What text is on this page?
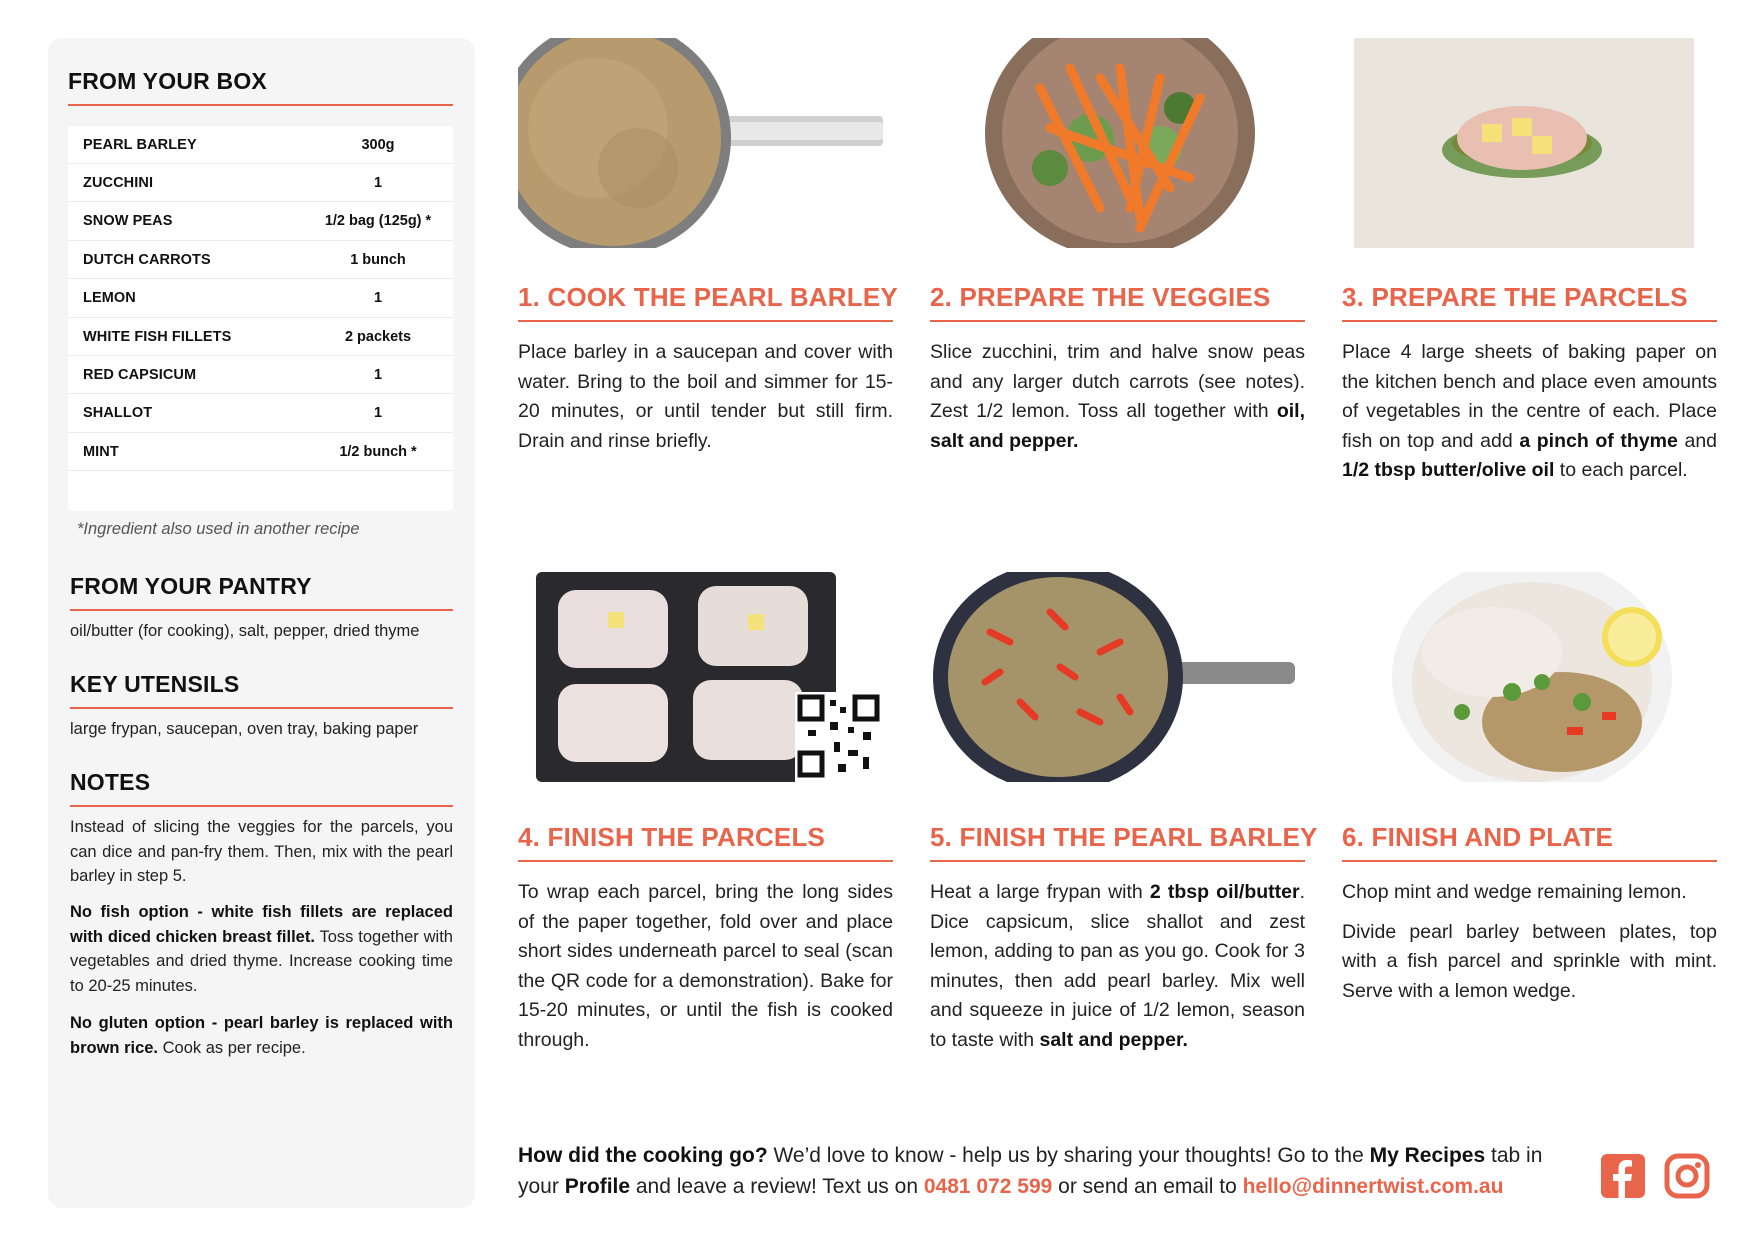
FROM YOUR BOX
PEARL BARLEY	300g
ZUCCHINI	1
SNOW PEAS	1/2 bag (125g) *
DUTCH CARROTS	1 bunch
LEMON	1
WHITE FISH FILLETS	2 packets
RED CAPSICUM	1
SHALLOT	1
MINT	1/2 bunch *
*Ingredient also used in another recipe
FROM YOUR PANTRY
oil/butter (for cooking), salt, pepper, dried thyme
KEY UTENSILS
large frypan, saucepan, oven tray, baking paper
NOTES
Instead of slicing the veggies for the parcels, you can dice and pan-fry them. Then, mix with the pearl barley in step 5.
No fish option - white fish fillets are replaced with diced chicken breast fillet. Toss together with vegetables and dried thyme. Increase cooking time to 20-25 minutes.
No gluten option - pearl barley is replaced with brown rice. Cook as per recipe.
1. COOK THE PEARL BARLEY
Place barley in a saucepan and cover with water. Bring to the boil and simmer for 15-20 minutes, or until tender but still firm. Drain and rinse briefly.
2. PREPARE THE VEGGIES
Slice zucchini, trim and halve snow peas and any larger dutch carrots (see notes). Zest 1/2 lemon. Toss all together with oil, salt and pepper.
3. PREPARE THE PARCELS
Place 4 large sheets of baking paper on the kitchen bench and place even amounts of vegetables in the centre of each. Place fish on top and add a pinch of thyme and 1/2 tbsp butter/olive oil to each parcel.
4. FINISH THE PARCELS
To wrap each parcel, bring the long sides of the paper together, fold over and place short sides underneath parcel to seal (scan the QR code for a demonstration). Bake for 15-20 minutes, or until the fish is cooked through.
5. FINISH THE PEARL BARLEY
Heat a large frypan with 2 tbsp oil/butter. Dice capsicum, slice shallot and zest lemon, adding to pan as you go. Cook for 3 minutes, then add pearl barley. Mix well and squeeze in juice of 1/2 lemon, season to taste with salt and pepper.
6. FINISH AND PLATE

Chop mint and wedge remaining lemon.

Divide pearl barley between plates, top with a fish parcel and sprinkle with mint. Serve with a lemon wedge.

How did the cooking go? We’d love to know - help us by sharing your thoughts! Go to the My Recipes tab in your Profile and leave a review! Text us on 0481 072 599 or send an email to hello@dinnertwist.com.au
